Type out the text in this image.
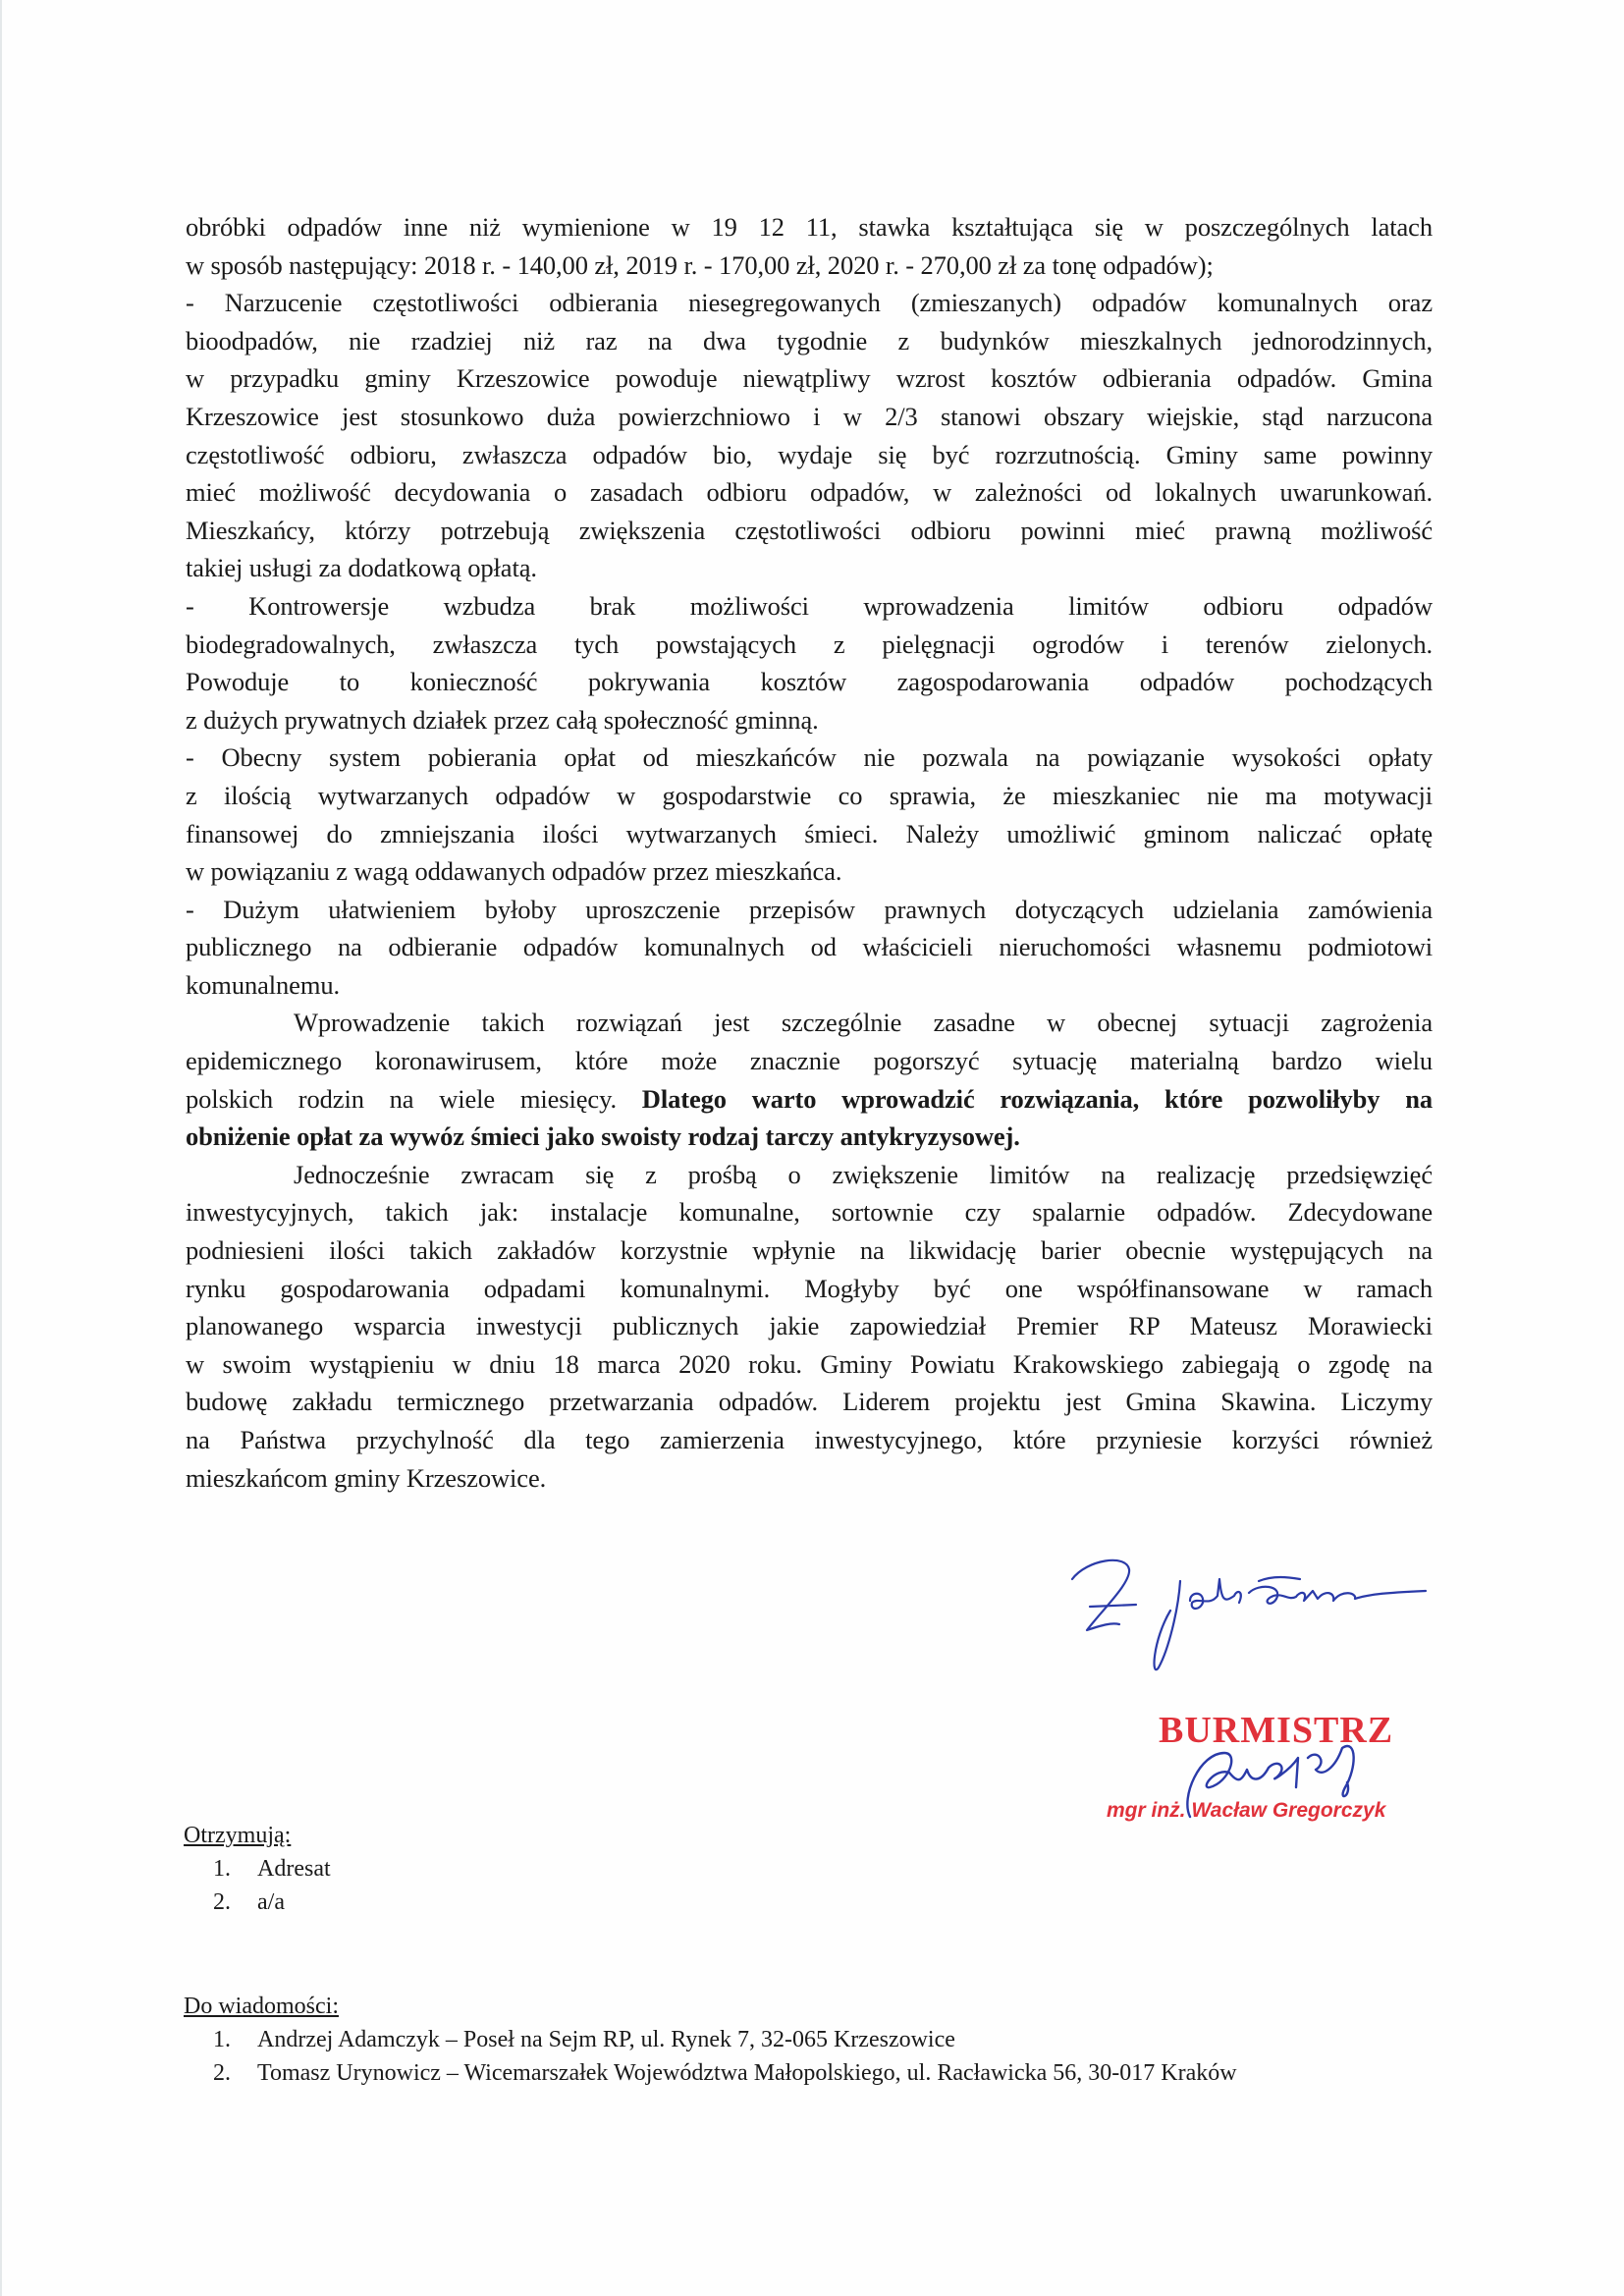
obróbki odpadów inne niż wymienione w 19 12 11, stawka kształtująca się w poszczególnych latach
w sposób następujący: 2018 r. - 140,00 zł, 2019 r. - 170,00 zł, 2020 r. - 270,00 zł za tonę odpadów);
- Narzucenie częstotliwości odbierania niesegregowanych (zmieszanych) odpadów komunalnych oraz
bioodpadów, nie rzadziej niż raz na dwa tygodnie z budynków mieszkalnych jednorodzinnych,
w przypadku gminy Krzeszowice powoduje niewątpliwy wzrost kosztów odbierania odpadów. Gmina
Krzeszowice jest stosunkowo duża powierzchniowo i w 2/3 stanowi obszary wiejskie, stąd narzucona
częstotliwość odbioru, zwłaszcza odpadów bio, wydaje się być rozrzutnością. Gminy same powinny
mieć możliwość decydowania o zasadach odbioru odpadów, w zależności od lokalnych uwarunkowań.
Mieszkańcy, którzy potrzebują zwiększenia częstotliwości odbioru powinni mieć prawną możliwość
takiej usługi za dodatkową opłatą.
- Kontrowersje wzbudza brak możliwości wprowadzenia limitów odbioru odpadów
biodegradowalnych, zwłaszcza tych powstających z pielęgnacji ogrodów i terenów zielonych.
Powoduje to konieczność pokrywania kosztów zagospodarowania odpadów pochodzących
z dużych prywatnych działek przez całą społeczność gminną.
- Obecny system pobierania opłat od mieszkańców nie pozwala na powiązanie wysokości opłaty
z ilością wytwarzanych odpadów w gospodarstwie co sprawia, że mieszkaniec nie ma motywacji
finansowej do zmniejszania ilości wytwarzanych śmieci. Należy umożliwić gminom naliczać opłatę
w powiązaniu z wagą oddawanych odpadów przez mieszkańca.
- Dużym ułatwieniem byłoby uproszczenie przepisów prawnych dotyczących udzielania zamówienia
publicznego na odbieranie odpadów komunalnych od właścicieli nieruchomości własnemu podmiotowi
komunalnemu.

Wprowadzenie takich rozwiązań jest szczególnie zasadne w obecnej sytuacji zagrożenia
epidemicznego koronawirusem, które może znacznie pogorszyć sytuację materialną bardzo wielu
polskich rodzin na wiele miesięcy. Dlatego warto wprowadzić rozwiązania, które pozwoliłyby na
obniżenie opłat za wywóz śmieci jako swoisty rodzaj tarczy antykryzysowej.

Jednocześnie zwracam się z prośbą o zwiększenie limitów na realizację przedsięwzięć
inwestycyjnych, takich jak: instalacje komunalne, sortownie czy spalarnie odpadów. Zdecydowane
podniesieni ilości takich zakładów korzystnie wpłynie na likwidację barier obecnie występujących na
rynku gospodarowania odpadami komunalnymi. Mogłyby być one współfinansowane w ramach
planowanego wsparcia inwestycji publicznych jakie zapowiedział Premier RP Mateusz Morawiecki
w swoim wystąpieniu w dniu 18 marca 2020 roku. Gminy Powiatu Krakowskiego zabiegają o zgodę na
budowę zakładu termicznego przetwarzania odpadów. Liderem projektu jest Gmina Skawina. Liczymy
na Państwa przychylność dla tego zamierzenia inwestycyjnego, które przyniesie korzyści również
mieszkańcom gminy Krzeszowice.

BURMISTRZ
mgr inż. Wacław Gregorczyk
Otrzymują:
1. Adresat
2. a/a
Do wiadomości:
1. Andrzej Adamczyk – Poseł na Sejm RP, ul. Rynek 7, 32-065 Krzeszowice
2. Tomasz Urynowicz – Wicemarszałek Województwa Małopolskiego, ul. Racławicka 56, 30-017 Kraków
